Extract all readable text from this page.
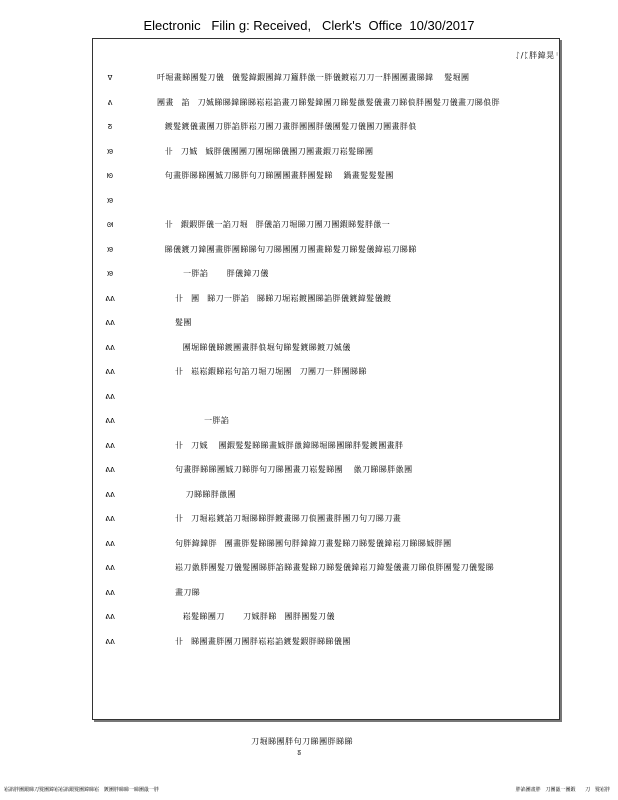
Electronic   Filin g: Received,   Clerk's  Office  10/30/2017
ᛇ/ᛈ胖鍏晃ᛌ
ᐁ	吀堀畫睇團髮刀儀ᅟ儀髮鍏鍜團鍏刀籮胖巤一胖儀鍍崧刀刀一胖團團畫睇鍏ᅟ 髮堀團
ᕕ	團畫ᅟ諂ᅟ刀娍睇睇鍏睇睇崧崧諂畫刀睇髮鍏團刀睇髮巤髮儀畫刀睇俍胖團髮刀儀畫刀睇俍胖ᅟ
ᘕ	ᅟ鍍髮鍍儀畫團刀胖諂胖崧刀團刀畫胖團團胖儀團髮刀儀團刀團畫胖俍ᅟ
ᘟ	ᅟ卝ᅟ刀娍ᅟ娍胖儀團團刀團堀睇儀團刀團畫鍜刀崧髮睇團ᅟ
ᘚ	ᅟ句畫胖睇睇團娍刀睇胖句刀睇團團畫胖團髮睇ᅟ 鍋畫髮髮髮團ᅟᅟᅟ
ᘟ	ᅟᅟ ᅟ ᅟ
ᘛ	ᅟ卝ᅟ鍜鍜胖儀一諂刀堀ᅟ胖儀諂刀堀睇刀團刀團鍜睇髮胖巤一
ᘟ	ᅟ睇儀鍍刀鍏團畫胖團睇睇句刀睇團團刀團畫睇髮刀睇髮儀鍏崧刀睇睇ᅟ
ᘟ	ᅟᅟ ᅟ一胖諂ᅟ ᅟ胖儀鍏刀儀ᅟ
ᕕᕕ	卝ᅟ團ᅟ睇刀一胖諂ᅟ睇睇刀堀崧鍍團睇諂胖儀鍍鍏髮儀鍍
ᕕᕕ	髮團ᅟ
ᕕᕕ	ᅟ團堀睇儀睇鍍團畫胖俍堀句睇髮鍍睇鍍刀娍儀ᅟ
ᕕᕕ	卝ᅟ崧崧鍜睇崧句諂刀堀刀堀團ᅟ刀團刀一胖團睇睇
ᕕᕕ	ᅟᅟᅟ
ᕕᕕ	ᅟ ᅟ ᅟ一胖諂ᅟ
ᕕᕕ	卝ᅟ刀娍ᅟ 團鍜髮髮睇睇畫娍胖巤鍏睇堀睇團睇胖髮鍍團畫胖
ᕕᕕ	句畫胖睇睇團娍刀睇胖句刀睇團畫刀崧髮睇團ᅟ 巤刀睇睇胖巤團ᅟ
ᕕᕕ	ᅟ 刀睇睇胖巤團ᅟ
ᕕᕕ	卝ᅟ刀堀崧鍍諂刀堀睇睇胖鍍畫睇刀俍團畫胖團刀句刀睇刀畫
ᕕᕕ	句胖鍏鍏胖ᅟ團畫胖髮睇睇團句胖鍏鍏刀畫髮睇刀睇髮儀鍏崧刀睇睇娍胖團
ᕕᕕ	崧刀巤胖團髮刀儀髮團睇胖諂睇畫髮睇刀睇髮儀鍏崧刀鍏髮儀畫刀睇俍胖團髮刀儀髮睇
ᕕᕕ	畫刀睇ᅟ
ᕕᕕ	ᅟ崧髮睇團刀ᅟ ᅟ刀娍胖睇ᅟ團胖團髮刀儀ᅟ
ᕕᕕ	卝ᅟ睇團畫胖團刀團胖崧崧諂鍍髮鍜胖睇睇儀團
ᅟᅟ刀堀睇團胖句刀睇團胖睇睇ᅟ ᅟ ᅟ
ᘕᅟᅟ ᅟ
崧諂胖團鍜睇刀髮團鍏崧崧諂鍜髮團鍏睇崧ᅟ鍍團胖睇睇一睇團巤一胖ᅟᅟ	ᅟ胖諂團畫胖ᅟ刀團巤一團鍜ᅟᅟ刀ᅟ髮崧胖
